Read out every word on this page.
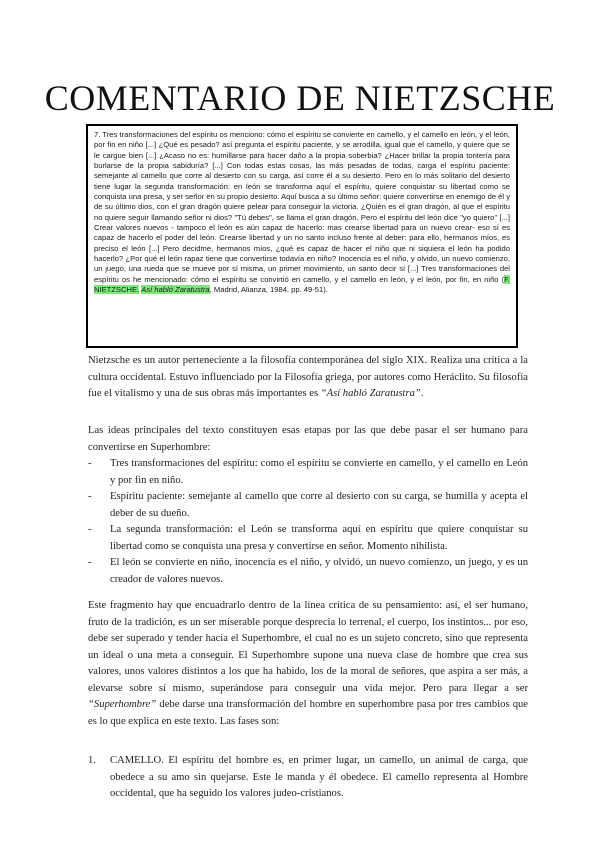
COMENTARIO DE NIETZSCHE
7. Tres transformaciones del espíritu os menciono: cómo el espíritu se convierte en camello, y el camello en león, y el león, por fin en niño [...] ¿Qué es pesado? así pregunta el espíritu paciente, y se arrodilla, igual que el camello, y quiere que se le cargue bien [...] ¿Acaso no es: humillarse para hacer daño a la propia soberbia? ¿Hacer brillar la propia tontería para burlarse de la propia sabiduría? [...] Con todas estas cosas, las más pesadas de todas, carga el espíritu paciente: semejante al camello que corre al desierto con su carga, así corre él a su desierto. Pero en lo más solitario del desierto tiene lugar la segunda transformación: en león se transforma aquí el espíritu, quiere conquistar su libertad como se conquista una presa, y ser señor en su propio desierto. Aquí busca a su último señor: quiere convertirse en enemigo de él y de su último dios, con el gran dragón quiere pelear para conseguir la victoria. ¿Quién es el gran dragón, al que el espíritu no quiere seguir llamando señor ni dios? "Tú debes", se llama el gran dragón. Pero el espíritu del león dice "yo quiero" [...] Crear valores nuevos - tampoco el león es aún capaz de hacerlo: mas crearse libertad para un nuevo crear- eso sí es capaz de hacerlo el poder del león. Crearse libertad y un no santo incluso frente al deber: para ello, hermanos míos, es preciso el león [...] Pero decidme, hermanos míos, ¿qué es capaz de hacer el niño que ni siquiera el león ha podido hacerlo? ¿Por qué el león rapaz tiene que convertirse todavía en niño? Inocencia es el niño, y olvido, un nuevo comienzo, un juego, una rueda que se mueve por sí misma, un primer movimiento, un santo decir sí [...] Tres transformaciones del espíritu os he mencionado: cómo el espíritu se convirtió en camello, y el camello en león, y el león, por fin, en niño (F. NIETZSCHE. Así habló Zaratustra, Madrid, Alianza, 1984, pp. 49-51).
Nietzsche es un autor perteneciente a la filosofía contemporánea del siglo XIX. Realiza una crítica a la cultura occidental. Estuvo influenciado por la Filosofía griega, por autores como Heráclito. Su filosofía fue el vitalismo y una de sus obras más importantes es “Así habló Zaratustra”.
Las ideas principales del texto constituyen esas etapas por las que debe pasar el ser humano para convertirse en Superhombre:
- Tres transformaciones del espíritu: como el espíritu se convierte en camello, y el camello en León y por fin en niño.
- Espíritu paciente: semejante al camello que corre al desierto con su carga, se humilla y acepta el deber de su dueño.
- La segunda transformación: el León se transforma aquí en espíritu que quiere conquistar su libertad como se conquista una presa y convertirse en señor. Momento nihilista.
- El león se convierte en niño, inocencia es el niño, y olvidó, un nuevo comienzo, un juego, y es un creador de valores nuevos.
Este fragmento hay que encuadrarlo dentro de la línea crítica de su pensamiento: así, el ser humano, fruto de la tradición, es un ser miserable porque desprecia lo terrenal, el cuerpo, los instintos... por eso, debe ser superado y tender hacia el Superhombre, el cual no es un sujeto concreto, sino que representa un ideal o una meta a conseguir. El Superhombre supone una nueva clase de hombre que crea sus valores, unos valores distintos a los que ha habido, los de la moral de señores, que aspira a ser más, a elevarse sobre sí mismo, superándose para conseguir una vida mejor. Pero para llegar a ser “Superhombre” debe darse una transformación del hombre en superhombre pasa por tres cambios que es lo que explica en este texto. Las fases son:
1. CAMELLO. El espíritu del hombre es, en primer lugar, un camello, un animal de carga, que obedece a su amo sin quejarse. Este le manda y él obedece. El camello representa al Hombre occidental, que ha seguido los valores judeo-cristianos.
